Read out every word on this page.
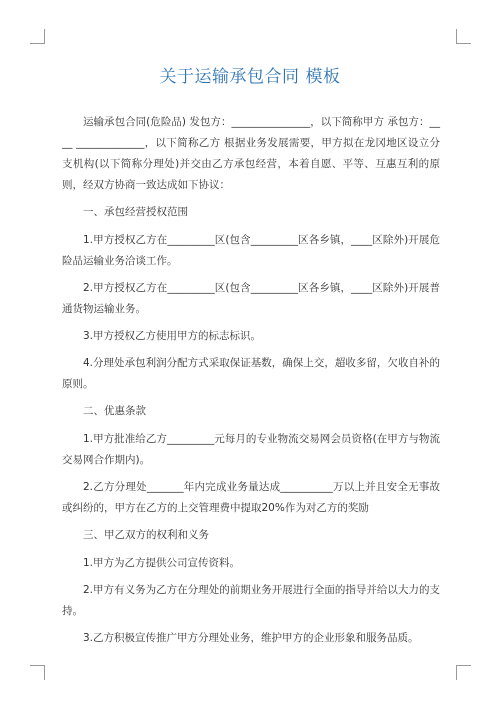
关于运输承包合同 模板

运输承包合同(危险品) 发包方：_______________，以下简称甲方 承包方：____ _____________，以下简称乙方 根据业务发展需要，甲方拟在龙冈地区设立分支机构(以下简称分理处)并交由乙方承包经营，本着自愿、平等、互惠互利的原则，经双方协商一致达成如下协议：

一、承包经营授权范围

1.甲方授权乙方在_________区(包含_________区各乡镇，____区除外)开展危险品运输业务洽谈工作。

2.甲方授权乙方在_________区(包含_________区各乡镇，____区除外)开展普通货物运输业务。

3.甲方授权乙方使用甲方的标志标识。

4.分理处承包利润分配方式采取保证基数，确保上交，超收多留，欠收自补的原则。

二、优惠条款

1.甲方批准给乙方_________元每月的专业物流交易网会员资格(在甲方与物流交易网合作期内)。

2.乙方分理处_______年内完成业务量达成__________万以上并且安全无事故或纠纷的，甲方在乙方的上交管理费中提取20%作为对乙方的奖励

三、甲乙双方的权利和义务

1.甲方为乙方提供公司宣传资料。

2.甲方有义务为乙方在分理处的前期业务开展进行全面的指导并给以大力的支持。

3.乙方积极宣传推广甲方分理处业务，维护甲方的企业形象和服务品质。
